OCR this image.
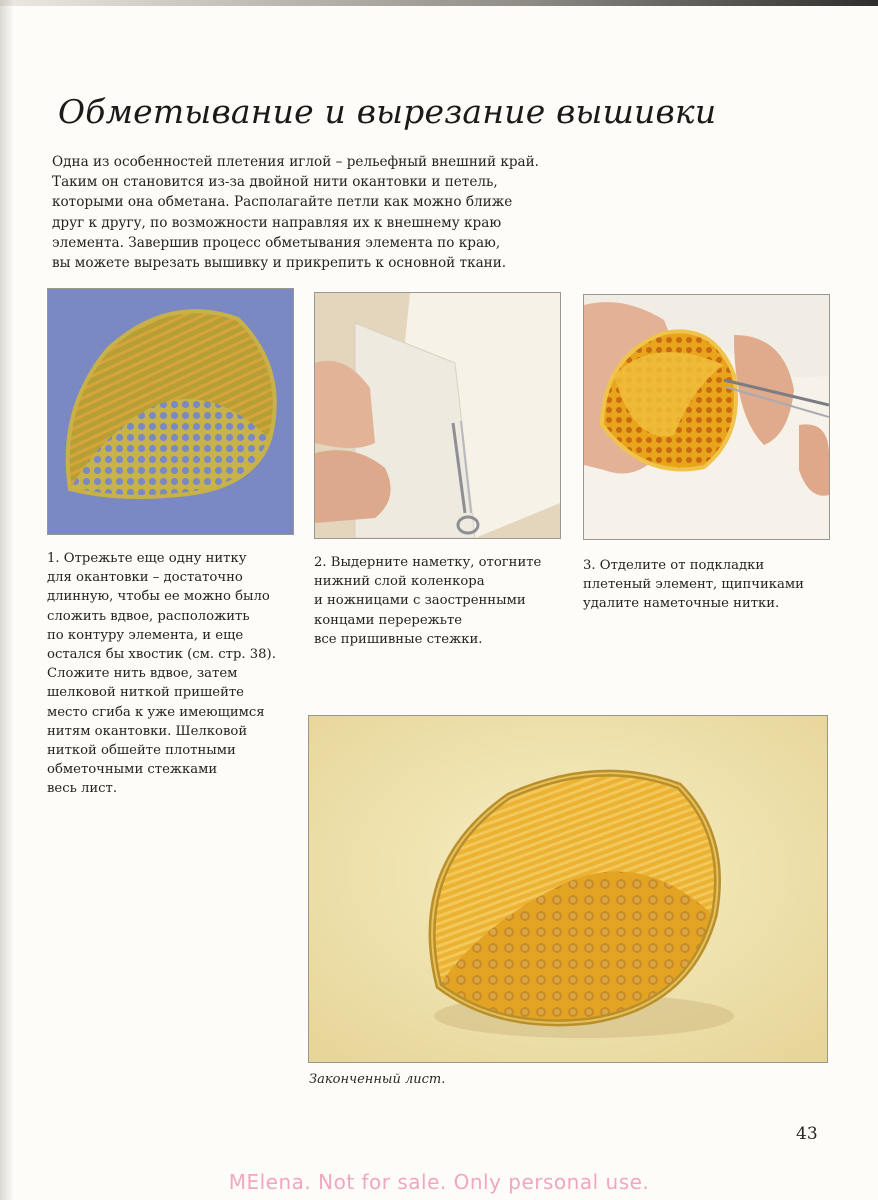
Обметывание и вырезание вышивки

Одна из особенностей плетения иглой – рельефный внешний край.
Таким он становится из-за двойной нити окантовки и петель,
которыми она обметана. Располагайте петли как можно ближе
друг к другу, по возможности направляя их к внешнему краю
элемента. Завершив процесс обметывания элемента по краю,
вы можете вырезать вышивку и прикрепить к основной ткани.

1. Отрежьте еще одну нитку
для окантовки – достаточно
длинную, чтобы ее можно было
сложить вдвое, расположить
по контуру элемента, и еще
остался бы хвостик (см. стр. 38).
Сложите нить вдвое, затем
шелковой ниткой пришейте
место сгиба к уже имеющимся
нитям окантовки. Шелковой
ниткой обшейте плотными
обметочными стежками
весь лист.

2. Выдерните наметку, отогните
нижний слой коленкора
и ножницами с заостренными
концами перережьте
все пришивные стежки.

3. Отделите от подкладки
плетеный элемент, щипчиками
удалите наметочные нитки.

Законченный лист.

43
MElena. Not for sale. Only personal use.
